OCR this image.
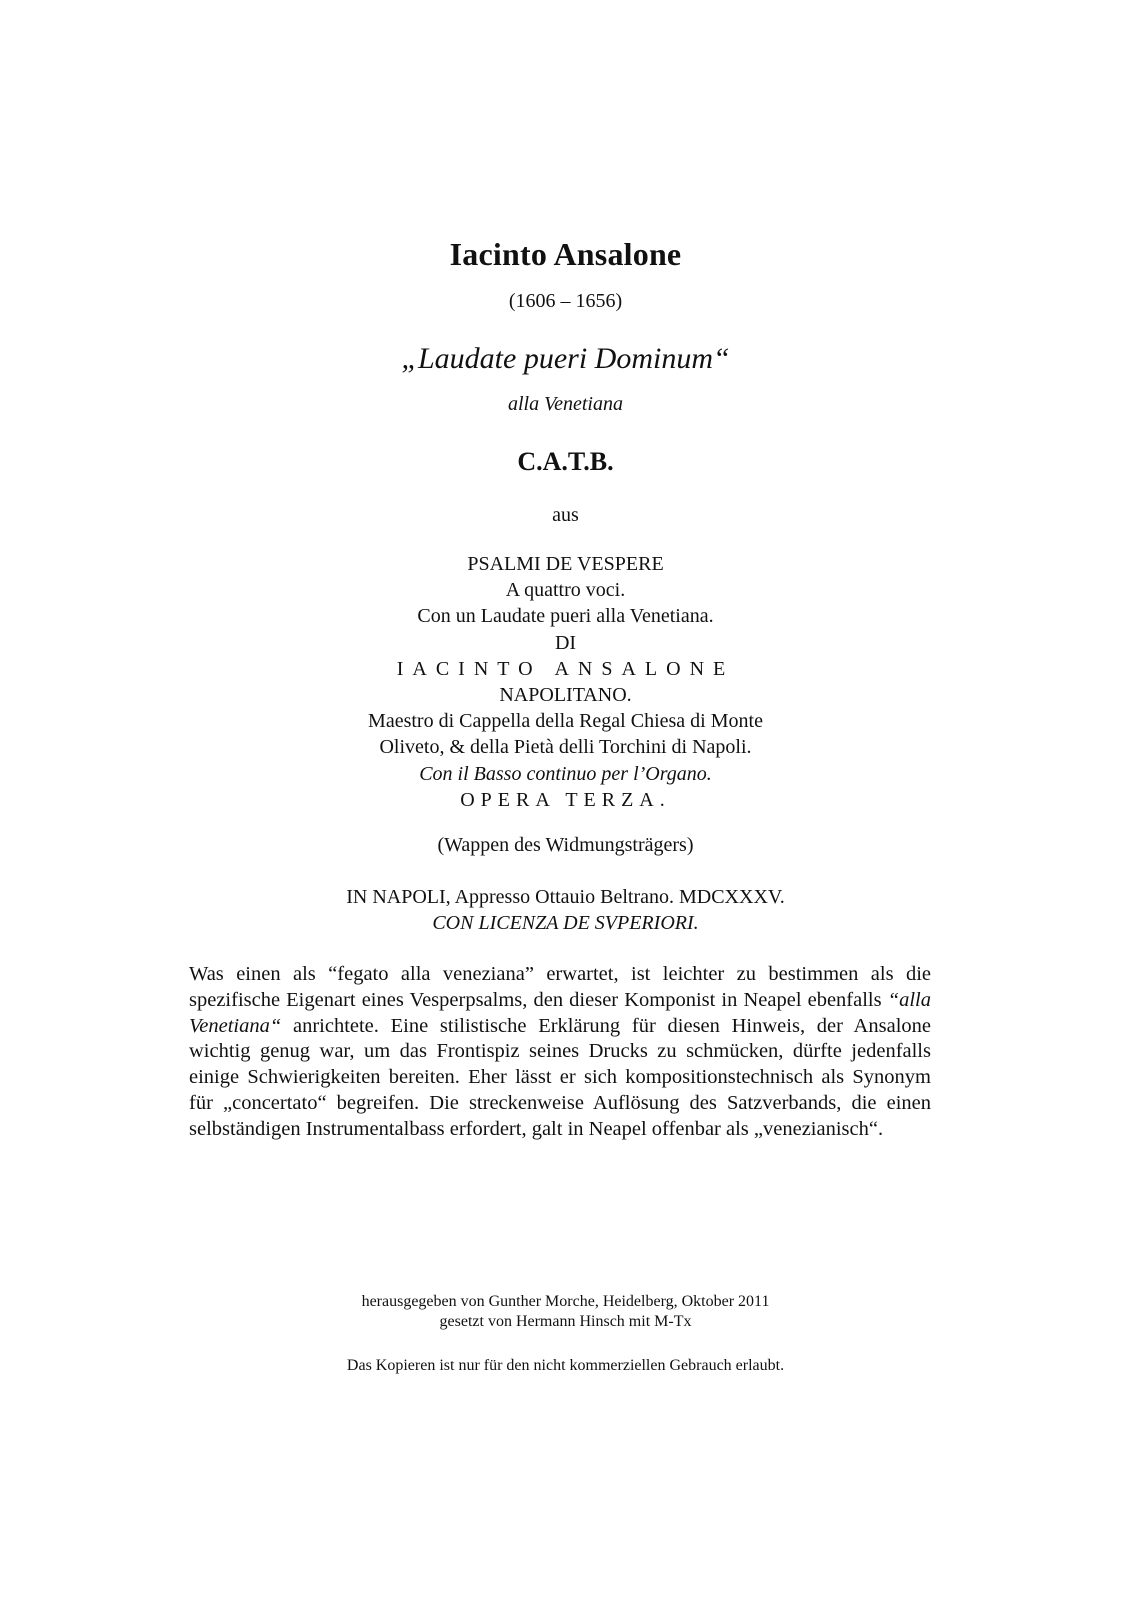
Iacinto Ansalone
(1606 – 1656)
„Laudate pueri Dominum“
alla Venetiana
C.A.T.B.
aus
PSALMI DE VESPERE
A quattro voci.
Con un Laudate pueri alla Venetiana.
DI
IACINTO ANSALONE
NAPOLITANO.
Maestro di Cappella della Regal Chiesa di Monte
Oliveto, & della Pietà delli Torchini di Napoli.
Con il Basso continuo per l’Organo.
OPERA TERZA.
(Wappen des Widmungsträgers)
IN NAPOLI, Appresso Ottauio Beltrano. MDCXXXV.
CON LICENZA DE SVPERIORI.
Was einen als “fegato alla veneziana” erwartet, ist leichter zu bestimmen als die spezifische Eigenart eines Vesperpsalms, den dieser Komponist in Neapel ebenfalls “alla Venetiana“ anrichtete. Eine stilistische Erklärung für diesen Hinweis, der Ansalone wichtig genug war, um das Frontispiz seines Drucks zu schmücken, dürfte jedenfalls einige Schwierigkeiten bereiten. Eher lässt er sich kompositionstechnisch als Synonym für „concertato“ begreifen. Die streckenweise Auflösung des Satzverbands, die einen selbständigen Instrumentalbass erfordert, galt in Neapel offenbar als „venezianisch“.
herausgegeben von Gunther Morche, Heidelberg, Oktober 2011
gesetzt von Hermann Hinsch mit M-Tx
Das Kopieren ist nur für den nicht kommerziellen Gebrauch erlaubt.
